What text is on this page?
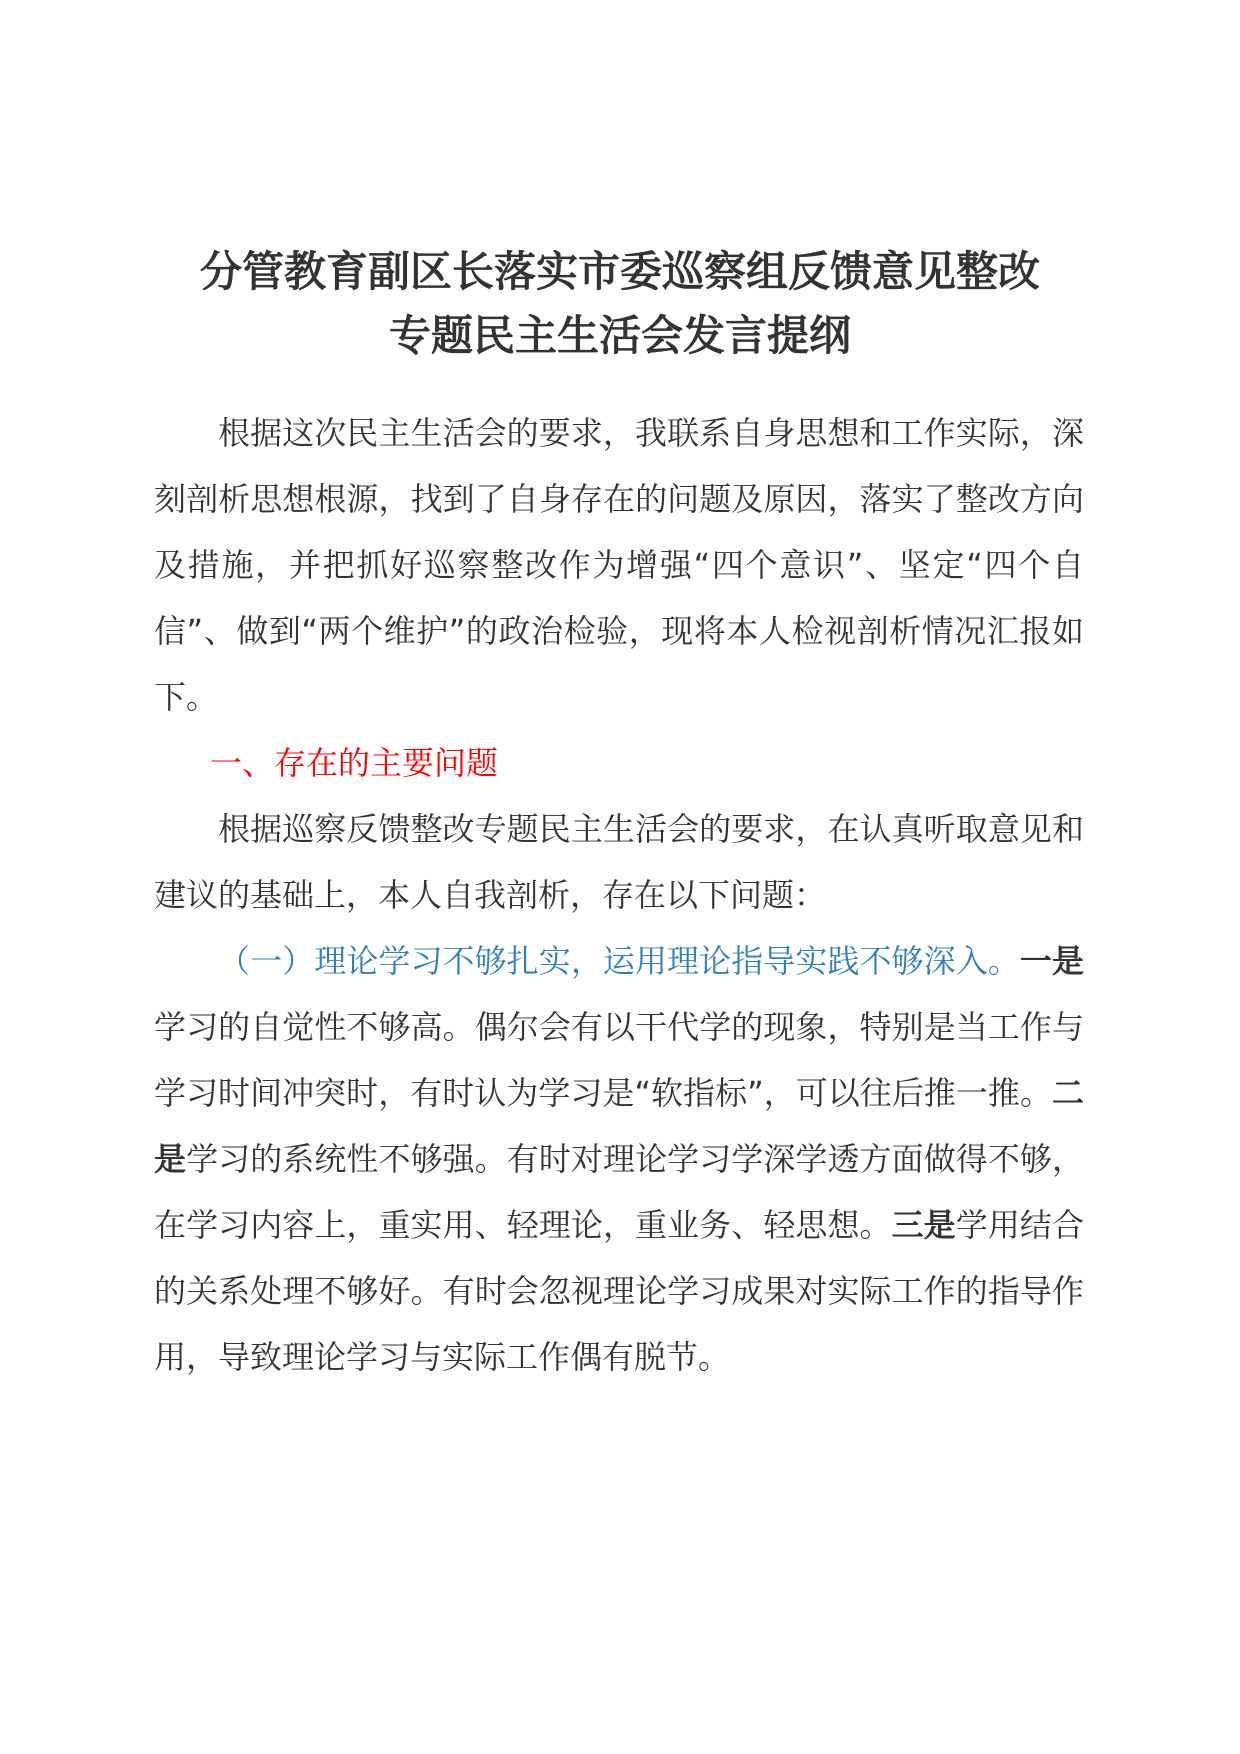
分管教育副区长落实市委巡察组反馈意见整改
专题民主生活会发言提纲

根据这次民主生活会的要求，我联系自身思想和工作实际，深刻剖析思想根源，找到了自身存在的问题及原因，落实了整改方向及措施，并把抓好巡察整改作为增强“四个意识”、坚定“四个自信”、做到“两个维护”的政治检验，现将本人检视剖析情况汇报如下。

一、存在的主要问题

根据巡察反馈整改专题民主生活会的要求，在认真听取意见和建议的基础上，本人自我剖析，存在以下问题：

（一）理论学习不够扎实，运用理论指导实践不够深入。一是学习的自觉性不够高。偶尔会有以干代学的现象，特别是当工作与学习时间冲突时，有时认为学习是“软指标”，可以往后推一推。二是学习的系统性不够强。有时对理论学习学深学透方面做得不够，在学习内容上，重实用、轻理论，重业务、轻思想。三是学用结合的关系处理不够好。有时会忽视理论学习成果对实际工作的指导作用，导致理论学习与实际工作偶有脱节。
